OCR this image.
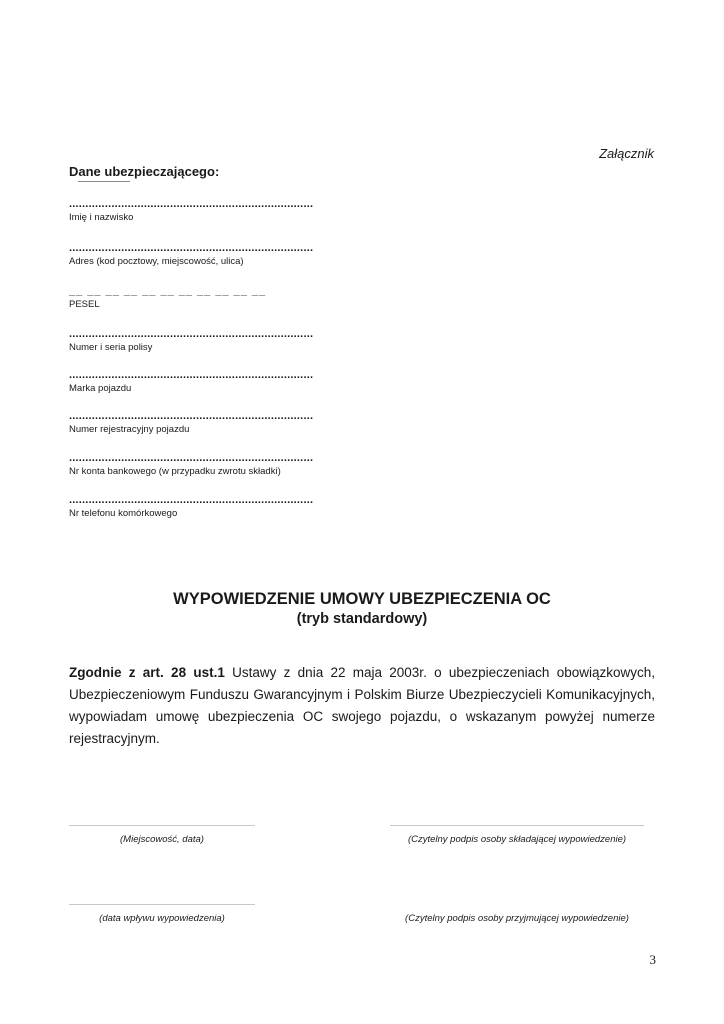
Załącznik
Dane ubezpieczającego:
...........................................................................
Imię i nazwisko
...........................................................................
Adres (kod pocztowy, miejscowość, ulica)
__ __ __ __ __ __ __ __ __ __ __
PESEL
...........................................................................
Numer i seria polisy
...........................................................................
Marka pojazdu
...........................................................................
Numer rejestracyjny pojazdu
...........................................................................
Nr konta bankowego (w przypadku zwrotu składki)
...........................................................................
Nr telefonu komórkowego
WYPOWIEDZENIE UMOWY UBEZPIECZENIA OC
(tryb standardowy)
Zgodnie z art. 28 ust.1 Ustawy z dnia 22 maja 2003r. o ubezpieczeniach obowiązkowych, Ubezpieczeniowym Funduszu Gwarancyjnym i Polskim Biurze Ubezpieczycieli Komunikacyjnych, wypowiadam umowę ubezpieczenia OC swojego pojazdu, o wskazanym powyżej numerze rejestracyjnym.
(Miejscowość, data)	(Czytelny podpis osoby składającej wypowiedzenie)
(data wpływu wypowiedzenia)	(Czytelny podpis osoby przyjmującej wypowiedzenie)
3
